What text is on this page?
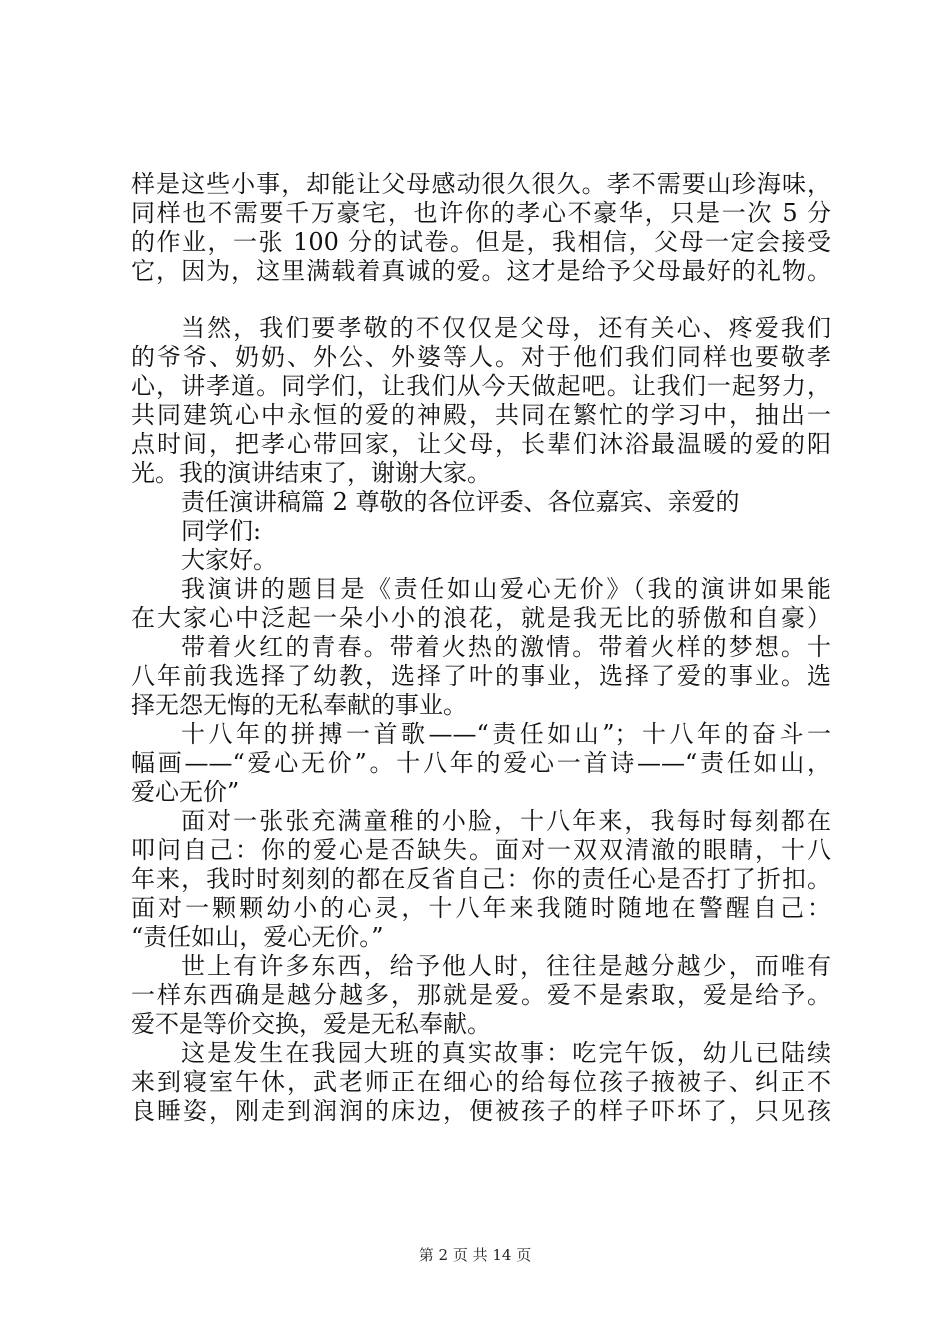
样是这些小事，却能让父母感动很久很久。孝不需要山珍海味，
同样也不需要千万豪宅，也许你的孝心不豪华，只是一次 5 分
的作业，一张 100 分的试卷。但是，我相信，父母一定会接受
它，因为，这里满载着真诚的爱。这才是给予父母最好的礼物。
当然，我们要孝敬的不仅仅是父母，还有关心、疼爱我们
的爷爷、奶奶、外公、外婆等人。对于他们我们同样也要敬孝
心，讲孝道。同学们，让我们从今天做起吧。让我们一起努力，
共同建筑心中永恒的爱的神殿，共同在繁忙的学习中，抽出一
点时间，把孝心带回家，让父母，长辈们沐浴最温暖的爱的阳
光。我的演讲结束了，谢谢大家。
责任演讲稿篇 2 尊敬的各位评委、各位嘉宾、亲爱的
同学们:
大家好。
我演讲的题目是《责任如山爱心无价》（我的演讲如果能
在大家心中泛起一朵小小的浪花，就是我无比的骄傲和自豪）
带着火红的青春。带着火热的激情。带着火样的梦想。十
八年前我选择了幼教，选择了叶的事业，选择了爱的事业。选
择无怨无悔的无私奉献的事业。
十八年的拼搏一首歌——“责任如山”；十八年的奋斗一
幅画——“爱心无价”。十八年的爱心一首诗——“责任如山，
爱心无价”
面对一张张充满童稚的小脸，十八年来，我每时每刻都在
叩问自己：你的爱心是否缺失。面对一双双清澈的眼睛，十八
年来，我时时刻刻的都在反省自己：你的责任心是否打了折扣。
面对一颗颗幼小的心灵，十八年来我随时随地在警醒自己：
“责任如山，爱心无价。”
世上有许多东西，给予他人时，往往是越分越少，而唯有
一样东西确是越分越多，那就是爱。爱不是索取，爱是给予。
爱不是等价交换，爱是无私奉献。
这是发生在我园大班的真实故事：吃完午饭，幼儿已陆续
来到寝室午休，武老师正在细心的给每位孩子掖被子、纠正不
良睡姿，刚走到润润的床边，便被孩子的样子吓坏了，只见孩
第 2 页 共 14 页
